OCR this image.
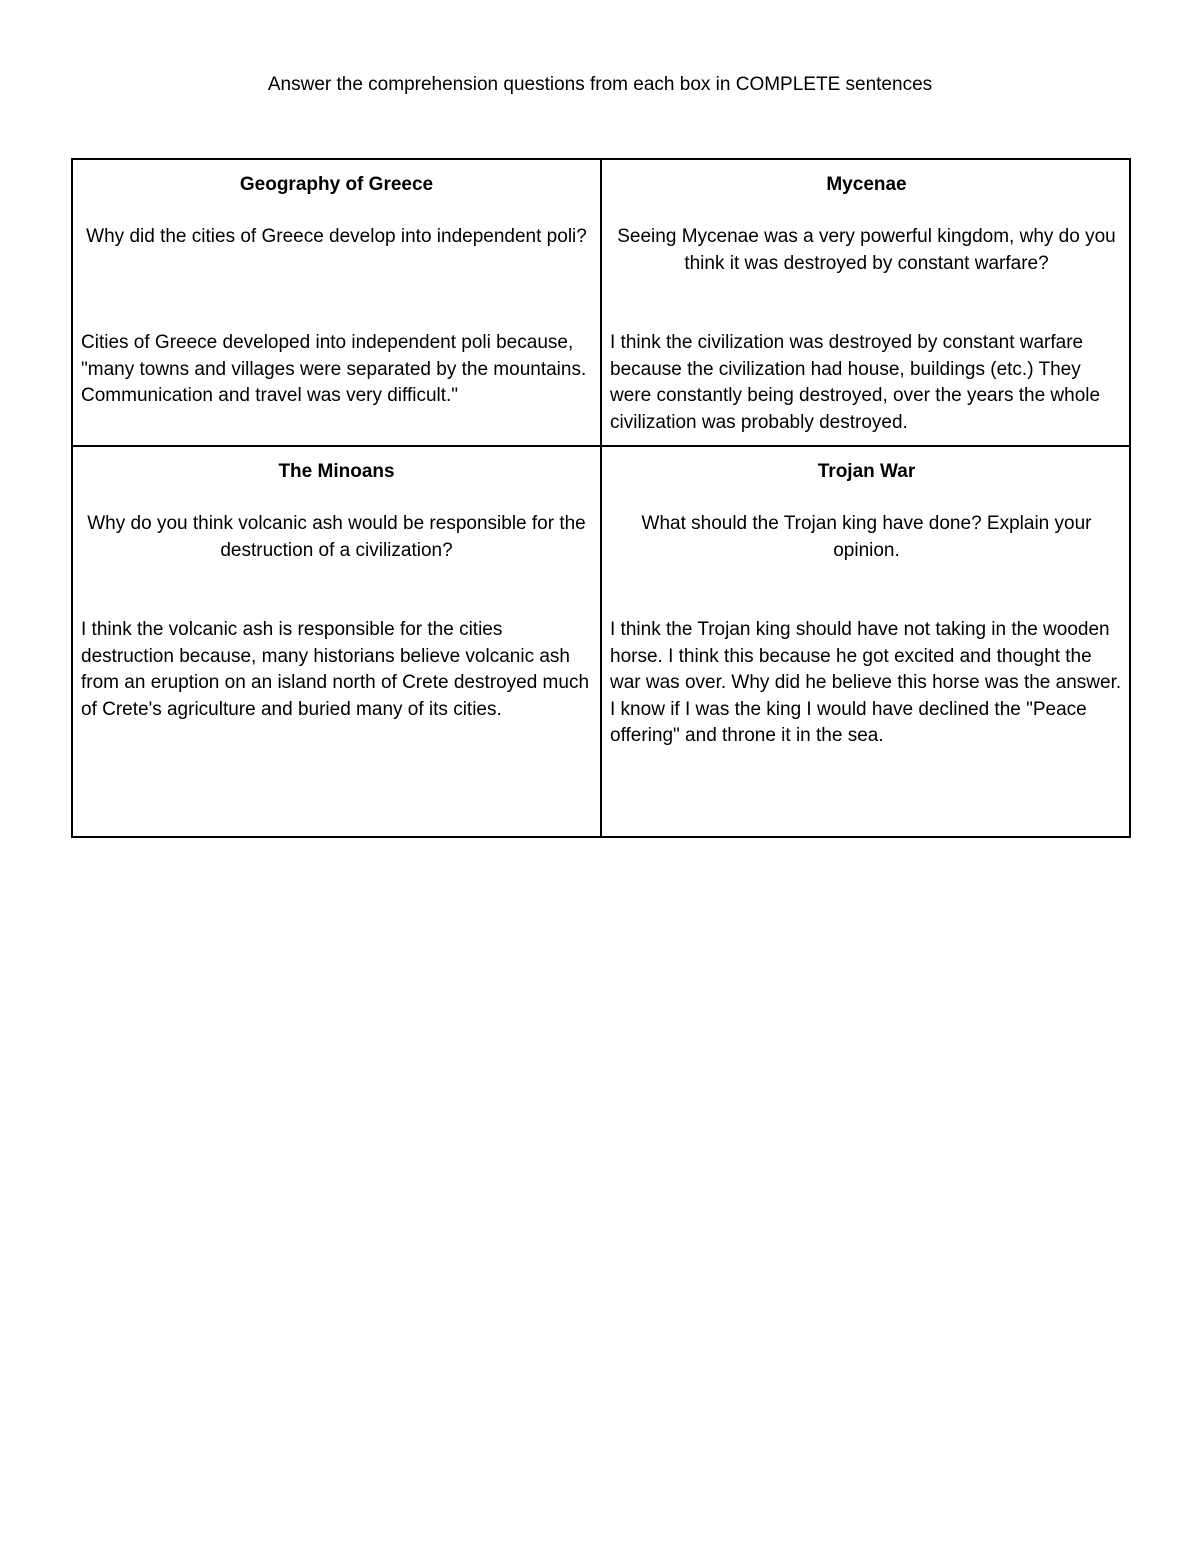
Answer the comprehension questions from each box in COMPLETE sentences

Geography of Greece

Why did the cities of Greece develop into independent poli?

Cities of Greece developed into independent poli because, "many towns and villages were separated by the mountains. Communication and travel was very difficult."

Mycenae

Seeing Mycenae was a very powerful kingdom, why do you think it was destroyed by constant warfare?

I think the civilization was destroyed by constant warfare because the civilization had house, buildings (etc.) They were constantly being destroyed, over the years the whole civilization was probably destroyed.

The Minoans

Why do you think volcanic ash would be responsible for the destruction of a civilization?

I think the volcanic ash is responsible for the cities destruction because, many historians believe volcanic ash from an eruption on an island north of Crete destroyed much of Crete's agriculture and buried many of its cities.

Trojan War

What should the Trojan king have done? Explain your opinion.

I think the Trojan king should have not taking in the wooden horse. I think this because he got excited and thought the war was over. Why did he believe this horse was the answer. I know if I was the king I would have declined the "Peace offering" and throne it in the sea.
